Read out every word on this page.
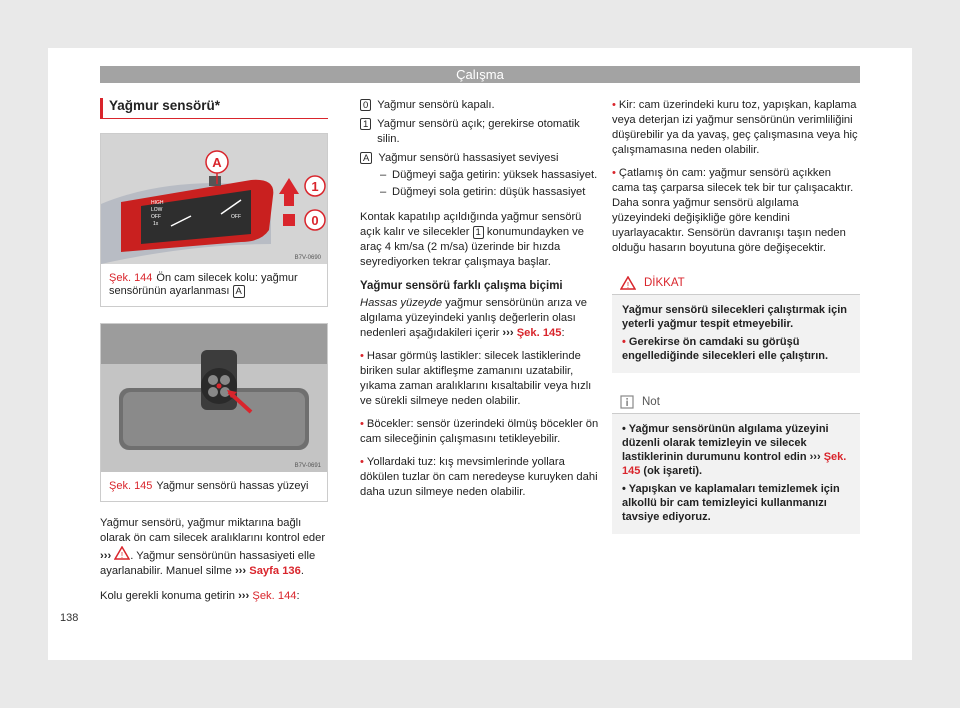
Çalışma
Yağmur sensörü*
A
1
0
HIGH
LOW
OFF
1x
OFF
B7V-0690
Şek. 144 Ön cam silecek kolu: yağmur sensörünün ayarlanması A
B7V-0691
Şek. 145 Yağmur sensörü hassas yüzeyi

Yağmur sensörü, yağmur miktarına bağlı olarak ön cam silecek aralıklarını kontrol eder ››› ! . Yağmur sensörünün hassasiyeti elle ayarlanabilir. Manuel silme ››› Sayfa 136.

Kolu gerekli konuma getirin ››› Şek. 144:

0 Yağmur sensörü kapalı.
1 Yağmur sensörü açık; gerekirse otomatik silin.
A Yağmur sensörü hassasiyet seviyesi
– Düğmeyi sağa getirin: yüksek hassasiyet.
– Düğmeyi sola getirin: düşük hassasiyet

Kontak kapatılıp açıldığında yağmur sensörü açık kalır ve silecekler 1 konumundayken ve araç 4 km/sa (2 m/sa) üzerinde bir hızda seyrediyorken tekrar çalışmaya başlar.

Yağmur sensörü farklı çalışma biçimi

Hassas yüzeyde yağmur sensörünün arıza ve algılama yüzeyindeki yanlış değerlerin olası nedenleri aşağıdakileri içerir ››› Şek. 145:

• Hasar görmüş lastikler: silecek lastiklerinde biriken sular aktifleşme zamanını uzatabilir, yıkama zaman aralıklarını kısaltabilir veya hızlı ve sürekli silmeye neden olabilir.
• Böcekler: sensör üzerindeki ölmüş böcekler ön cam sileceğinin çalışmasını tetikleyebilir.
• Yollardaki tuz: kış mevsimlerinde yollara dökülen tuzlar ön cam neredeyse kuruyken dahi daha uzun silmeye neden olabilir.
• Kir: cam üzerindeki kuru toz, yapışkan, kaplama veya deterjan izi yağmur sensörünün verimliliğini düşürebilir ya da yavaş, geç çalışmasına veya hiç çalışmamasına neden olabilir.
• Çatlamış ön cam: yağmur sensörü açıkken cama taş çarparsa silecek tek bir tur çalışacaktır. Daha sonra yağmur sensörü algılama yüzeyindeki değişikliğe göre kendini uyarlayacaktır. Sensörün davranışı taşın neden olduğu hasarın boyutuna göre değişecektir.
! DİKKAT
Yağmur sensörü silecekleri çalıştırmak için yeterli yağmur tespit etmeyebilir.
• Gerekirse ön camdaki su görüşü engellediğinde silecekleri elle çalıştırın.
Not
• Yağmur sensörünün algılama yüzeyini düzenli olarak temizleyin ve silecek lastiklerinin durumunu kontrol edin ››› Şek. 145 (ok işareti).
• Yapışkan ve kaplamaları temizlemek için alkollü bir cam temizleyici kullanmanızı tavsiye ediyoruz.
138
